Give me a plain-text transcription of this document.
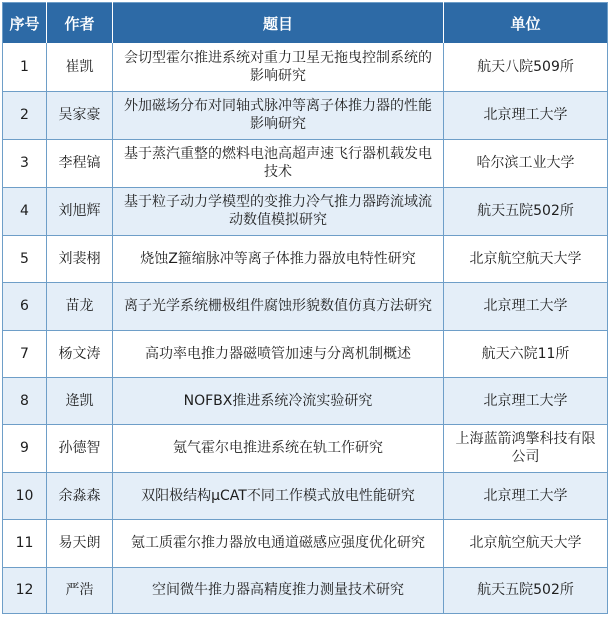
序号	作者	题目	单位
1	崔凯	会切型霍尔推进系统对重力卫星无拖曳控制系统的影响研究	航天八院509所
2	吴家豪	外加磁场分布对同轴式脉冲等离子体推力器的性能影响研究	北京理工大学
3	李程镐	基于蒸汽重整的燃料电池高超声速飞行器机载发电技术	哈尔滨工业大学
4	刘旭辉	基于粒子动力学模型的变推力冷气推力器跨流域流动数值模拟研究	航天五院502所
5	刘裴栩	烧蚀Z箍缩脉冲等离子体推力器放电特性研究	北京航空航天大学
6	苗龙	离子光学系统栅极组件腐蚀形貌数值仿真方法研究	北京理工大学
7	杨文涛	高功率电推力器磁喷管加速与分离机制概述	航天六院11所
8	逄凯	NOFBX推进系统冷流实验研究	北京理工大学
9	孙德智	氪气霍尔电推进系统在轨工作研究	上海蓝箭鸿擎科技有限公司
10	余淼森	双阳极结构μCAT不同工作模式放电性能研究	北京理工大学
11	易天朗	氪工质霍尔推力器放电通道磁感应强度优化研究	北京航空航天大学
12	严浩	空间微牛推力器高精度推力测量技术研究	航天五院502所
